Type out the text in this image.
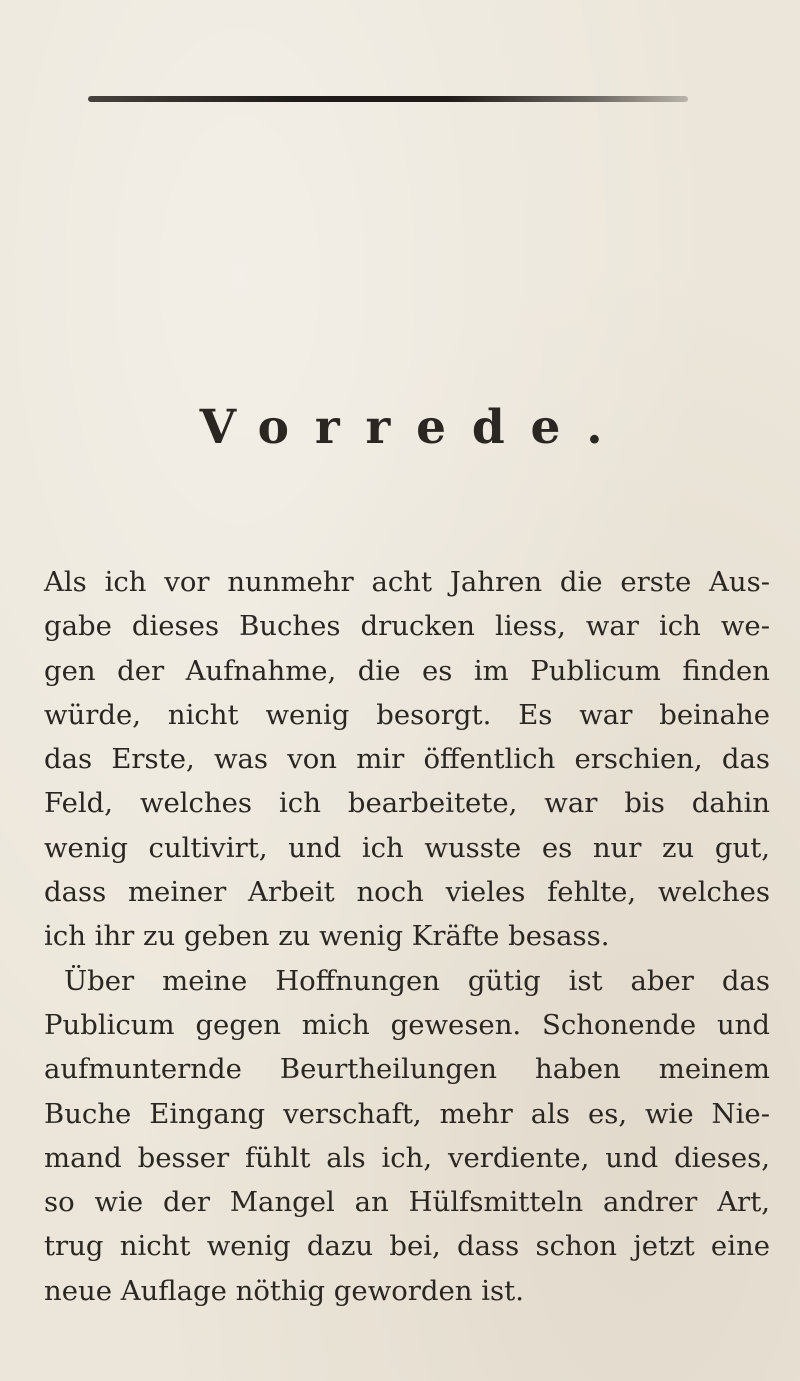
Vorrede.

Als ich vor nunmehr acht Jahren die erste Aus-
gabe dieses Buches drucken liess, war ich we-
gen der Aufnahme, die es im Publicum finden
würde, nicht wenig besorgt. Es war beinahe
das Erste, was von mir öffentlich erschien, das
Feld, welches ich bearbeitete, war bis dahin
wenig cultivirt, und ich wusste es nur zu gut,
dass meiner Arbeit noch vieles fehlte, welches
ich ihr zu geben zu wenig Kräfte besass.

Über meine Hoffnungen gütig ist aber das
Publicum gegen mich gewesen. Schonende und
aufmunternde Beurtheilungen haben meinem
Buche Eingang verschaft, mehr als es, wie Nie-
mand besser fühlt als ich, verdiente, und dieses,
so wie der Mangel an Hülfsmitteln andrer Art,
trug nicht wenig dazu bei, dass schon jetzt eine
neue Auflage nöthig geworden ist.
